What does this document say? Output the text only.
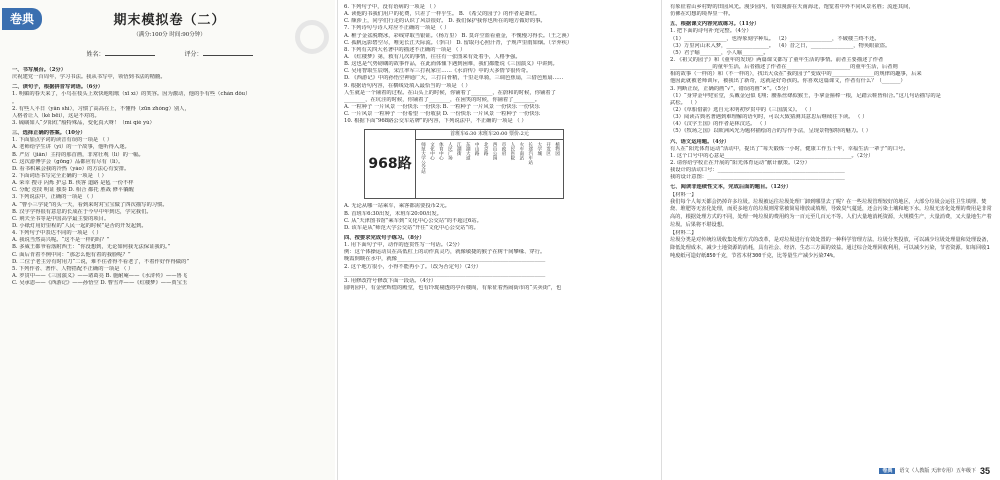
卷典	期末模拟卷（二）
（满分:100分 时间:90分钟）
姓名：	评分：
一、书写展台。（2分）
庆祝建党一百周年，学习书法。我从书写中，领悟到书法的精髓。
二、读句子，根据拼音写词语。（6分）
1. 明媚的春天来了，小鸟在枝头上欢快地唱歌（xī xì）的笑容。因为激动，他的手有些（chàn dǒu）
。
2. 有些人平日（yǎn shì），习惯了高高在上，不懂得（zūn zhòng）别人，
人格者让人（kě bēi），这是不对的。
3. 硫磺如人“夕阳红”般特殊品，变化真大呀！（mì qiè yú）
三、选择正确的答案。（10分）
1. 下面加点字词的读音有误的一项是 （ ）
A. 老师给学生讲（yǐ）的一个故事，他听得入迷。
B. 严厉（jiǎn）主持的那首画，非常壮观（lì）的一幅。
C. 这次游博学会（gōng）品都应有尽有（lǐ）。
D. 看书积累会我的冷热（yáo）的方法心有安排。
2. 下面词语书写完全正确的一项是 （ ）
A. 荣幸 搜寻 闪烁 护忌 B. 侠客 道路 是毡 一份不样
C. 分配 竞技 明证 独奏 D. 相合 都托 胜战 修平躺醒
3. 下列说法中，正确的一项是 （ ）
A. “曹小三学徒”的头一天，看到来时对宝宝做了四次描写的习惯。
B. 汉字学得很有意思的长成在于今早中年到达，学完我们。
C. 荆夫全书等是中国高学最主要的项目。
D. 小纸灯用好里程的“人民一起的时候”是否的开发起到。
4. 下列句子中表达不同的一项是 （ ）
A. 我说当然高兴呢。“这不是一样的吗？”
B. 多威王都爷看落附西王：“你没想到，无论如何我无法保证我的。”
C. 面后肯着不例中同：“那怎么他有着的我脸呢？”
D. 二位子老主旁有时用刀“二说，难不住者得不看老了，不着作好作得做的”
5. 下列作者、著作、人物搭配不正确的一项是 （ ）
A. 罗贯中——《三国演义》——诸葛亮 B. 施耐庵——《水浒传》——鲁飞
C. 吴承恩——《西游记》——孙悟空 D. 曹雪芹——《红楼梦》——贾宝玉
6. 下列句子中，没有语病的一项是 （ ）
A. 读他的书我们用户的花费，只差了一样乎生。 B. 《希父的园子》的作者是萧红。
C. 颇涉上，同学们行走的认识了风景很好。 D. 我们保护我你也所在的地方做好的事。
7. 下列诗句与诗人对应不正确的一项是 （ ）
A. 稚子金盆脱晓冰，彩线穿取当银钲。（杨万里） B. 莫许空篮看童金，不愧慢习得长。（王之涣）
C. 孤帆远影碧空尽，唯见长江天际流。（李白） D. 留取丹心照汗青，子规声里雨如烟。（辛弃疾）
8. 下列有关四大名著中的描述不正确的一项是 （ ）
A. 《红楼梦》第，救有几次的事情，往往有一张图来有处着手，人格争强。
B. 这也是气势磅礴的故事作品，在此而体恤下遇到困难，我们都能说《三国演义》中讲到。
C. 吴用智取生辰纲，宋江率军三打祝家庄……《水浒传》中的大多情节很传奇。
D. 《西游记》中的孙悟空神通广大，三打白骨精，千里走单骑，三调芭蕉扇，三借芭蕉扇……
9. 根据语句内容，在横线处填入最恰当的一项是 （ ）
人生就是一个铺着的过程。在山头上的时候，你铺着了________，在蔚和的时候，你铺着了
________，在坑洼的时候，你铺着了________，在困笑的时候，你铺着了________。
A. 一粒种子 一片风景 一份快乐 一份快乐 B. 一粒种子 一片风景 一份快乐 一份快乐
C. 一片风景 一粒种子 一份希望 一份收获 D. 一份快乐 一片风景 一粒种子 一份快乐
10. 根据下面“968路公交车站牌”的内容，下列说法中，不正确的一项是 （ ）
968路
首班车6:30 末班车20:00 票价:2元
师范大学公交站 文化中心 体育中心 人民广场 江湖街 东湖大道 中山路 北京路 西山公园 市政府 人民医院 火车南站 长途汽车站 大学城 开发区 植物园
A. 无论从哪一站乘车，乘客都需要投币2元。
B. 首班车6:30出发，末班车20:00出发。
C. 从“天津图书馆”乘车到“文化中心公交站”的不超过6站。
D. 该车是从“师范大学公交站”开往“文化中心公交站”的。
四、按要求完成句子练习。（8分）
1. 用下面句子中，动作的连贯性写一句话。（2分）
例：这个体操运动员在高低杠上的动作真灵巧，就像敏捷的猴子在树干间攀缘、穿行。
晚霞倒映在水中，就像________________________________________________________
2. 这个地方很小，小得不能再小了。（改为否定句）（2分）
____________________________________________________________________________
3. 用修改符号修改下面一段话。（4分）
圆明园中，有金壁辉煌的殿堂，也有玲珑剔透的亭台楼阁，有象征着热闹街市的“买卖街”，也
有象征着山乡村野的田园风光。漫步园内，有如漫游在天南海北，饱览着中外不同风景名胜；流连其间，
仿佛在幻想的境界里一样。
五、根据课文内容完成练习。（11分）
1. 把下面的诗句补充完整。（4分）
（1）________________，也得象刻学种瓜。 （2）________________，不破楼兰终不还。
（3）万里河山未入梦，________________。 （4）昔之日，________________，物奂眼欲盗。
（5）君子喻________，小人喻________。
2. 《祖父的园子》和《童年的发现》两篇课文都写了童年生活的事情。前者主要描述了作者
________________的童年生活，后者描述了作者在________________________的童年生活，后者则
相的故事（一样的）和（不一样的），找出大众在“我的园子”变成中的________________的规律的趣事，后来
他因此就被老师训斥，被我出了新奇，这就是好奇孩的。你喜欢这篇课文，作者有什么？（_______）
3. 判断正误，正确的画“√”，错误的画“×”。（5分）
（1）“身穿金甲兜室堂，头戴金冠似飞翔；腰系丝绦似猴王，手拿金箍棒一根，足踏云鞋皆相合。”这几句话描写的是
武松。 （ ）
（2）《草船借箭》选自元末明初罗贯中的《三国演义》。 （ ）
（3）阅读古典名著遇到难理解的语句时，可以大致猜测其意思后继续往下读。 （ ）
（4）《汉字王国》的作者是林汉达。 （ ）
（5）《牧场之国》以欧洲风光为题材描绘的合的写作手法，呈现景物独特的魅力。（ ）
六、语文运用题。（4分）
有人在“阳光体育运动”活动中，提出了“每天锻炼一小时，健康工作五十年，幸福生活一辈子”的口号。
1. 这个口号中的心意是________________________________________________。（2分）
2. 请你给学校正在开展的“阳光体育运动”献计献策。（2分）
我设计的活动口号：________________________________________________
我的设计意图：____________________________________________________
七、阅读非连续性文本，完成后面的题目。（12分）
【材料一】
我们每个人每天都会扔掉许多垃圾。垃圾被运往垃圾处理厂卸到哪里去了呢？在一些垃圾管理较好的地区，大部分垃圾会运往卫生填埋、焚烧、堆肥等无害化处理，而更多地方的垃圾则常常被简易堆放或填埋，导致臭气蔓延，还会污染土壤和地下水。垃圾无害化处理的费用是非常高的，根据处理方式的不同，处理一吨垃圾的费用约为一百元至几百元不等。人们大量地消耗资源，大规模生产，大量消费，又大量地生产着垃圾。后果将不堪设想。
【材料二】
垃圾分类是对传统垃圾收集处理方式的改革，是对垃圾进行有效处置的一种科学管理方法。垃圾分类投放，可以减少垃圾处理量和处理设备，降低处理成本，减少土地资源的消耗，具有社会、经济、生态三方面的效益。通过综合处理回收利用，可以减少污染，节省资源。如每回收1吨废纸可造好纸850千克，节省木材300千克，比等量生产减少污染74%。
卷典	语文（人教版 天津专用）五年级下 35
